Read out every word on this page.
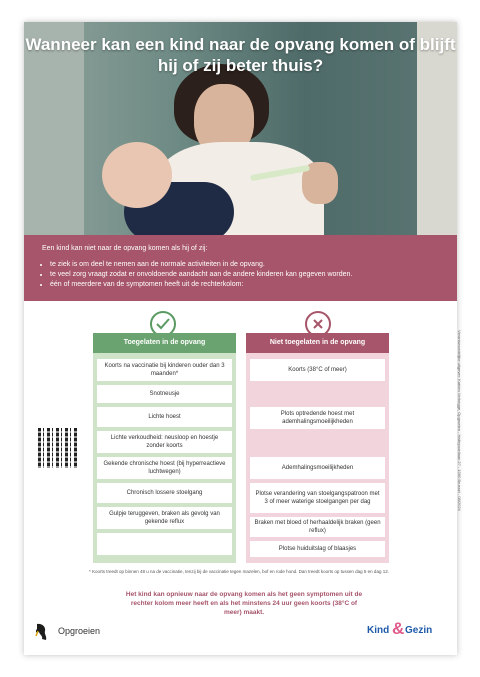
Wanneer kan een kind naar de opvang komen of blijft hij of zij beter thuis?
Een kind kan niet naar de opvang komen als hij of zij:
• te ziek is om deel te nemen aan de normale activiteiten in de opvang.
• te veel zorg vraagt zodat er onvoldoende aandacht aan de andere kinderen kan gegeven worden.
• één of meerdere van de symptomen heeft uit de rechterkolom:
Toegelaten in de opvang
Koorts na vaccinatie bij kinderen ouder dan 3 maanden*
Snotneusje
Lichte hoest
Lichte verkoudheid: neusloop en hoestje zonder koorts
Gekende chronische hoest (bij hyperreactieve luchtwegen)
Chronisch lossere stoelgang
Gulpje teruggeven, braken als gevolg van gekende reflux
Niet toegelaten in de opvang
Koorts (38°C of meer)
Plots optredende hoest met ademhalingsmoeilijkheden
Ademhalingsmoeilijkheden
Plotse verandering van stoelgangspatroon met 3 of meer waterige stoelgangen per dag
Braken met bloed of herhaaldelijk braken (geen reflux)
Plotse huiduitslag of blaasjes
* Koorts treedt op binnen 48 u na de vaccinatie, tenzij bij de vaccinatie tegen mazelen, bof en rode hond. Dan treedt koorts op tussen dag 5 en dag 12.
Het kind kan opnieuw naar de opvang komen als het geen symptomen uit de rechter kolom meer heeft en als het minstens 24 uur geen koorts (38°C of meer) maakt.
Opgroeien	Kind & Gezin
Verantwoordelijke uitgever: Katrien Verhegge, Opgroeien - Hallepoortlaan 27 - 1060 Brussel - 08/2024
